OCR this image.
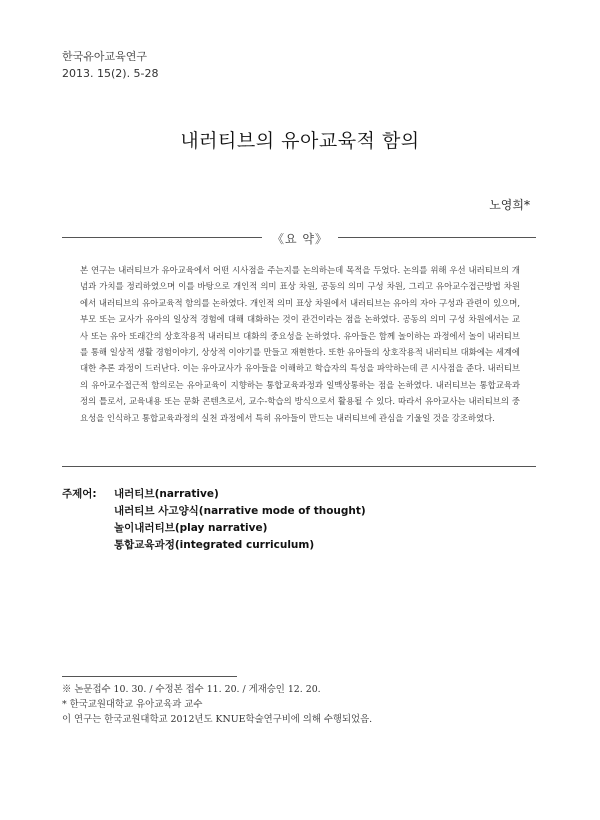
한국유아교육연구
2013. 15(2). 5-28
내러티브의 유아교육적 함의
노영희*
《요 약》
본 연구는 내러티브가 유아교육에서 어떤 시사점을 주는지를 논의하는데 목적을 두었다. 논의를 위해 우선 내러티브의 개념과 가치를 정리하였으며 이를 바탕으로 개인적 의미 표상 차원, 공동의 의미 구성 차원, 그리고 유아교수접근방법 차원에서 내러티브의 유아교육적 함의를 논하였다. 개인적 의미 표상 차원에서 내러티브는 유아의 자아 구성과 관련이 있으며, 부모 또는 교사가 유아의 일상적 경험에 대해 대화하는 것이 관건이라는 점을 논하였다. 공동의 의미 구성 차원에서는 교사 또는 유아 또래간의 상호작용적 내러티브 대화의 중요성을 논하였다. 유아들은 함께 놀이하는 과정에서 놀이 내러티브를 통해 일상적 생활 경험이야기, 상상적 이야기를 만들고 재현한다. 또한 유아들의 상호작용적 내러티브 대화에는 세계에 대한 추론 과정이 드러난다. 이는 유아교사가 유아들을 이해하고 학습자의 특성을 파악하는데 큰 시사점을 준다. 내러티브의 유아교수접근적 함의로는 유아교육이 지향하는 통합교육과정과 일맥상통하는 점을 논하였다. 내러티브는 통합교육과정의 틀로서, 교육내용 또는 문화 콘텐츠로서, 교수-학습의 방식으로서 활용될 수 있다. 따라서 유아교사는 내러티브의 중요성을 인식하고 통합교육과정의 실천 과정에서 특히 유아들이 만드는 내러티브에 관심을 기울일 것을 강조하였다.
주제어: 내러티브(narrative)
내러티브 사고양식(narrative mode of thought)
놀이내러티브(play narrative)
통합교육과정(integrated curriculum)
※ 논문접수 10. 30. / 수정본 접수 11. 20. / 게재승인 12. 20.
* 한국교원대학교 유아교육과 교수
이 연구는 한국교원대학교 2012년도 KNUE학술연구비에 의해 수행되었음.
